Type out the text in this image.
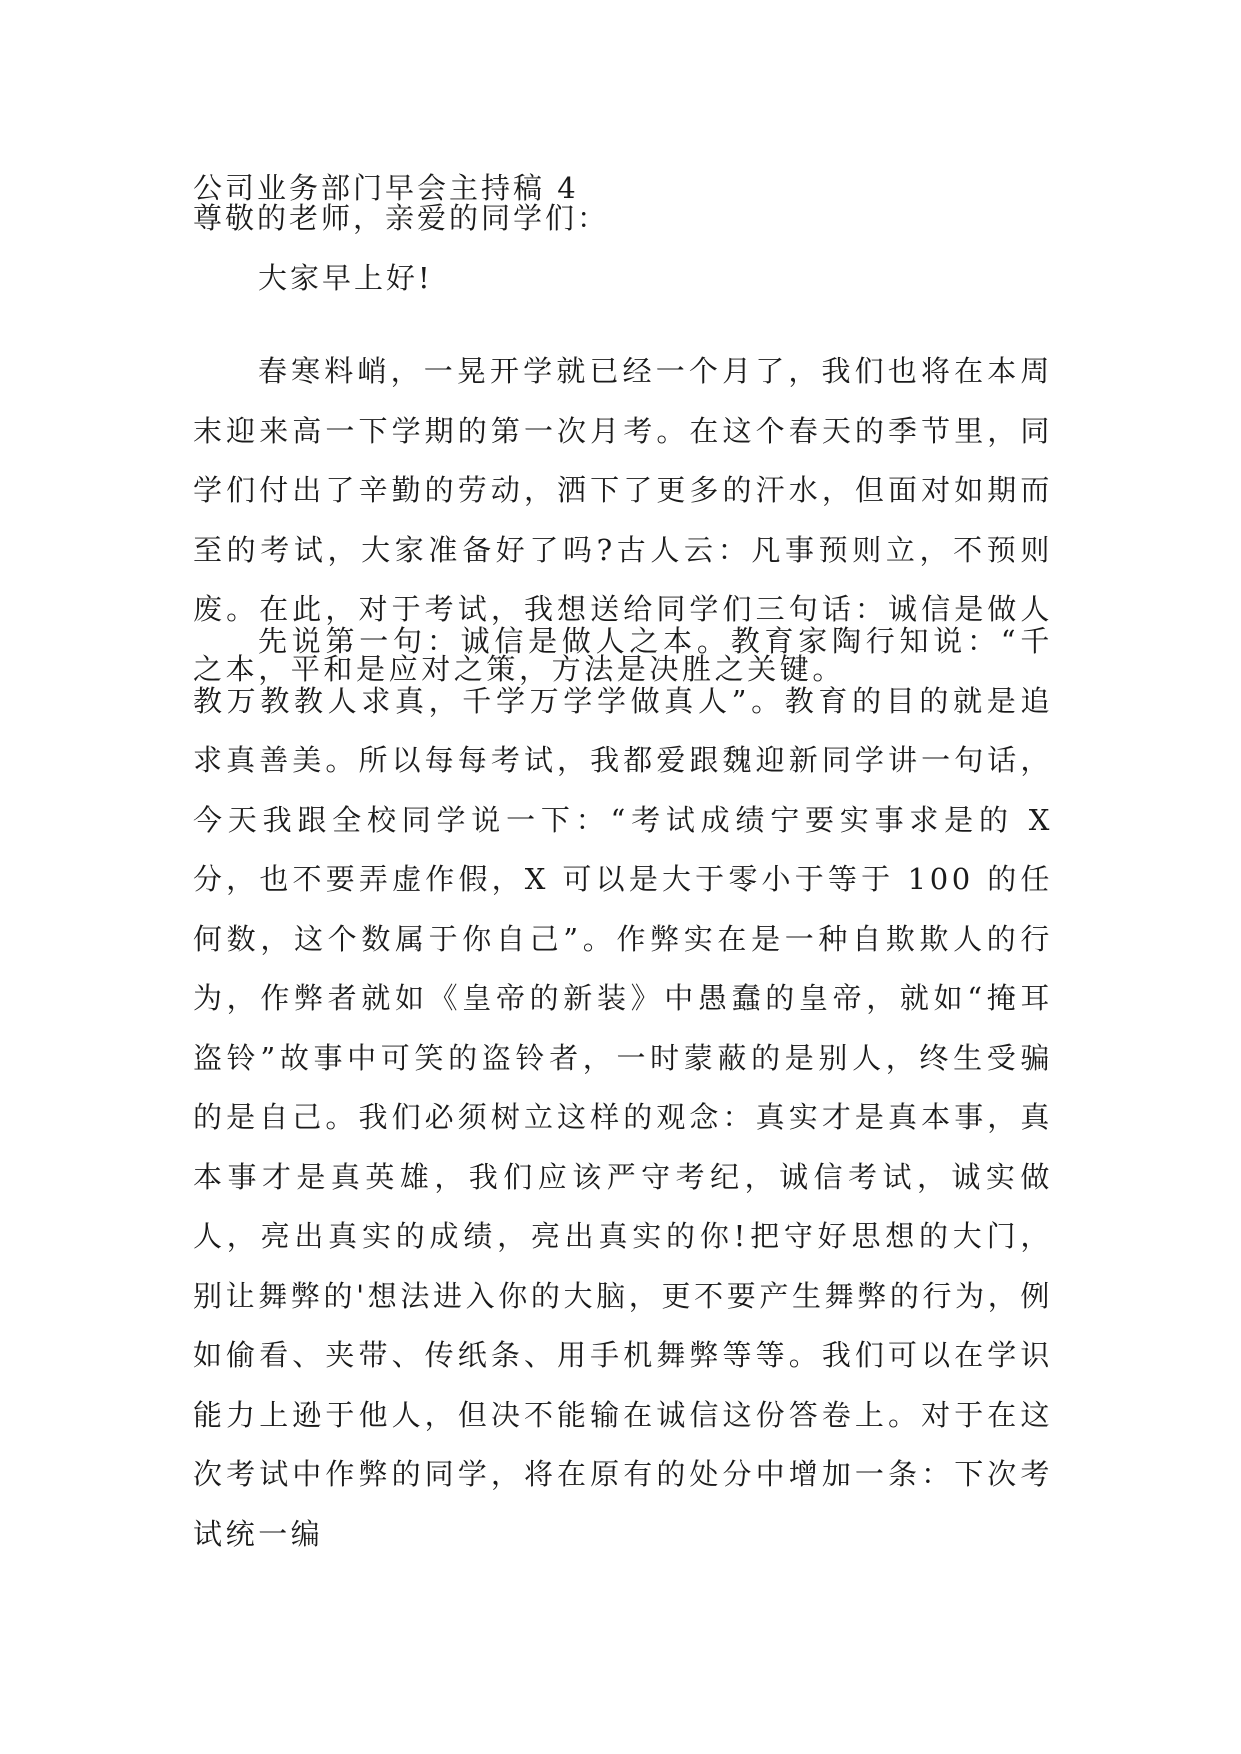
公司业务部门早会主持稿 4
尊敬的老师，亲爱的同学们：
大家早上好!

春寒料峭，一晃开学就已经一个月了，我们也将在本周末迎来高一下学期的第一次月考。在这个春天的季节里，同学们付出了辛勤的劳动，洒下了更多的汗水，但面对如期而至的考试，大家准备好了吗?古人云：凡事预则立，不预则废。在此，对于考试，我想送给同学们三句话：诚信是做人之本，平和是应对之策，方法是决胜之关键。

先说第一句：诚信是做人之本。教育家陶行知说：“千教万教教人求真，千学万学学做真人”。教育的目的就是追求真善美。所以每每考试，我都爱跟魏迎新同学讲一句话，今天我跟全校同学说一下：“考试成绩宁要实事求是的 X 分，也不要弄虚作假，X 可以是大于零小于等于 100 的任何数，这个数属于你自己”。作弊实在是一种自欺欺人的行为，作弊者就如《皇帝的新装》中愚蠢的皇帝，就如“掩耳盗铃”故事中可笑的盗铃者，一时蒙蔽的是别人，终生受骗的是自己。我们必须树立这样的观念：真实才是真本事，真本事才是真英雄，我们应该严守考纪，诚信考试，诚实做人，亮出真实的成绩，亮出真实的你!把守好思想的大门，别让舞弊的'想法进入你的大脑，更不要产生舞弊的行为，例如偷看、夹带、传纸条、用手机舞弊等等。我们可以在学识能力上逊于他人，但决不能输在诚信这份答卷上。对于在这次考试中作弊的同学，将在原有的处分中增加一条：下次考试统一编
